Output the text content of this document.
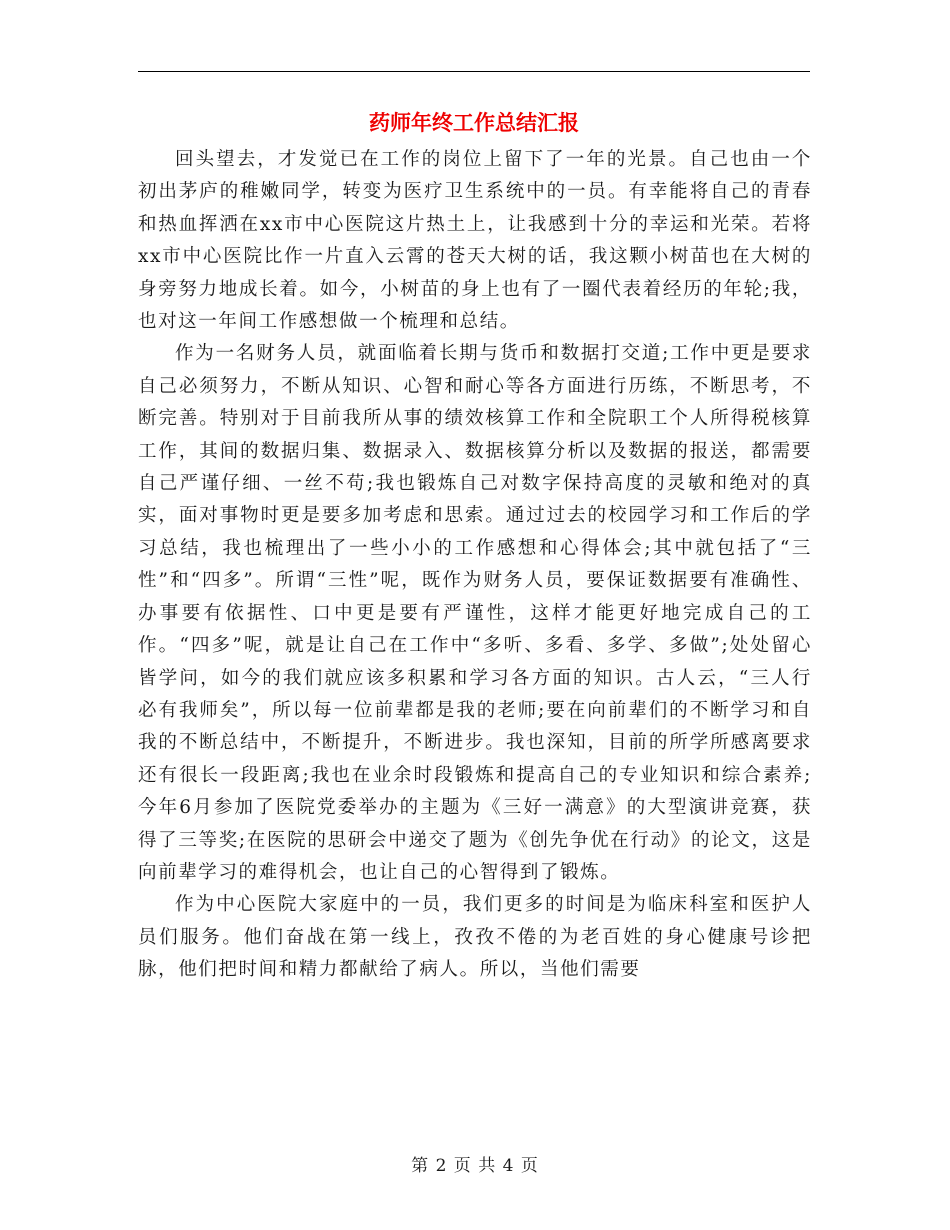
药师年终工作总结汇报

回头望去，才发觉已在工作的岗位上留下了一年的光景。自己也由一个初出茅庐的稚嫩同学，转变为医疗卫生系统中的一员。有幸能将自己的青春和热血挥洒在xx市中心医院这片热土上，让我感到十分的幸运和光荣。若将xx市中心医院比作一片直入云霄的苍天大树的话，我这颗小树苗也在大树的身旁努力地成长着。如今，小树苗的身上也有了一圈代表着经历的年轮;我，也对这一年间工作感想做一个梳理和总结。

作为一名财务人员，就面临着长期与货币和数据打交道;工作中更是要求自己必须努力，不断从知识、心智和耐心等各方面进行历练，不断思考，不断完善。特别对于目前我所从事的绩效核算工作和全院职工个人所得税核算工作，其间的数据归集、数据录入、数据核算分析以及数据的报送，都需要自己严谨仔细、一丝不苟;我也锻炼自己对数字保持高度的灵敏和绝对的真实，面对事物时更是要多加考虑和思索。通过过去的校园学习和工作后的学习总结，我也梳理出了一些小小的工作感想和心得体会;其中就包括了“三性”和“四多”。所谓“三性”呢，既作为财务人员，要保证数据要有准确性、办事要有依据性、口中更是要有严谨性，这样才能更好地完成自己的工作。“四多”呢，就是让自己在工作中“多听、多看、多学、多做”;处处留心皆学问，如今的我们就应该多积累和学习各方面的知识。古人云，“三人行必有我师矣”，所以每一位前辈都是我的老师;要在向前辈们的不断学习和自我的不断总结中，不断提升，不断进步。我也深知，目前的所学所感离要求还有很长一段距离;我也在业余时段锻炼和提高自己的专业知识和综合素养;今年6月参加了医院党委举办的主题为《三好一满意》的大型演讲竞赛，获得了三等奖;在医院的思研会中递交了题为《创先争优在行动》的论文，这是向前辈学习的难得机会，也让自己的心智得到了锻炼。

作为中心医院大家庭中的一员，我们更多的时间是为临床科室和医护人员们服务。他们奋战在第一线上，孜孜不倦的为老百姓的身心健康号诊把脉，他们把时间和精力都献给了病人。所以，当他们需要

第 2 页 共 4 页
